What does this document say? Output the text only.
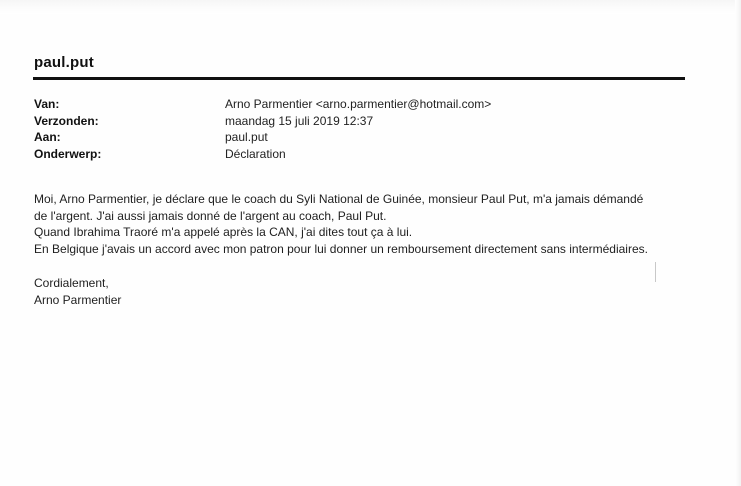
paul.put
Van:	Arno Parmentier <arno.parmentier@hotmail.com>
Verzonden:	maandag 15 juli 2019 12:37
Aan:	paul.put
Onderwerp:	Déclaration
Moi, Arno Parmentier, je déclare que le coach du Syli National de Guinée, monsieur Paul Put, m'a jamais démandé
de l'argent. J'ai aussi jamais donné de l'argent au coach, Paul Put.
Quand Ibrahima Traoré m'a appelé après la CAN, j'ai dites tout ça à lui.
En Belgique j'avais un accord avec mon patron pour lui donner un remboursement directement sans intermédiaires.
Cordialement,
Arno Parmentier
